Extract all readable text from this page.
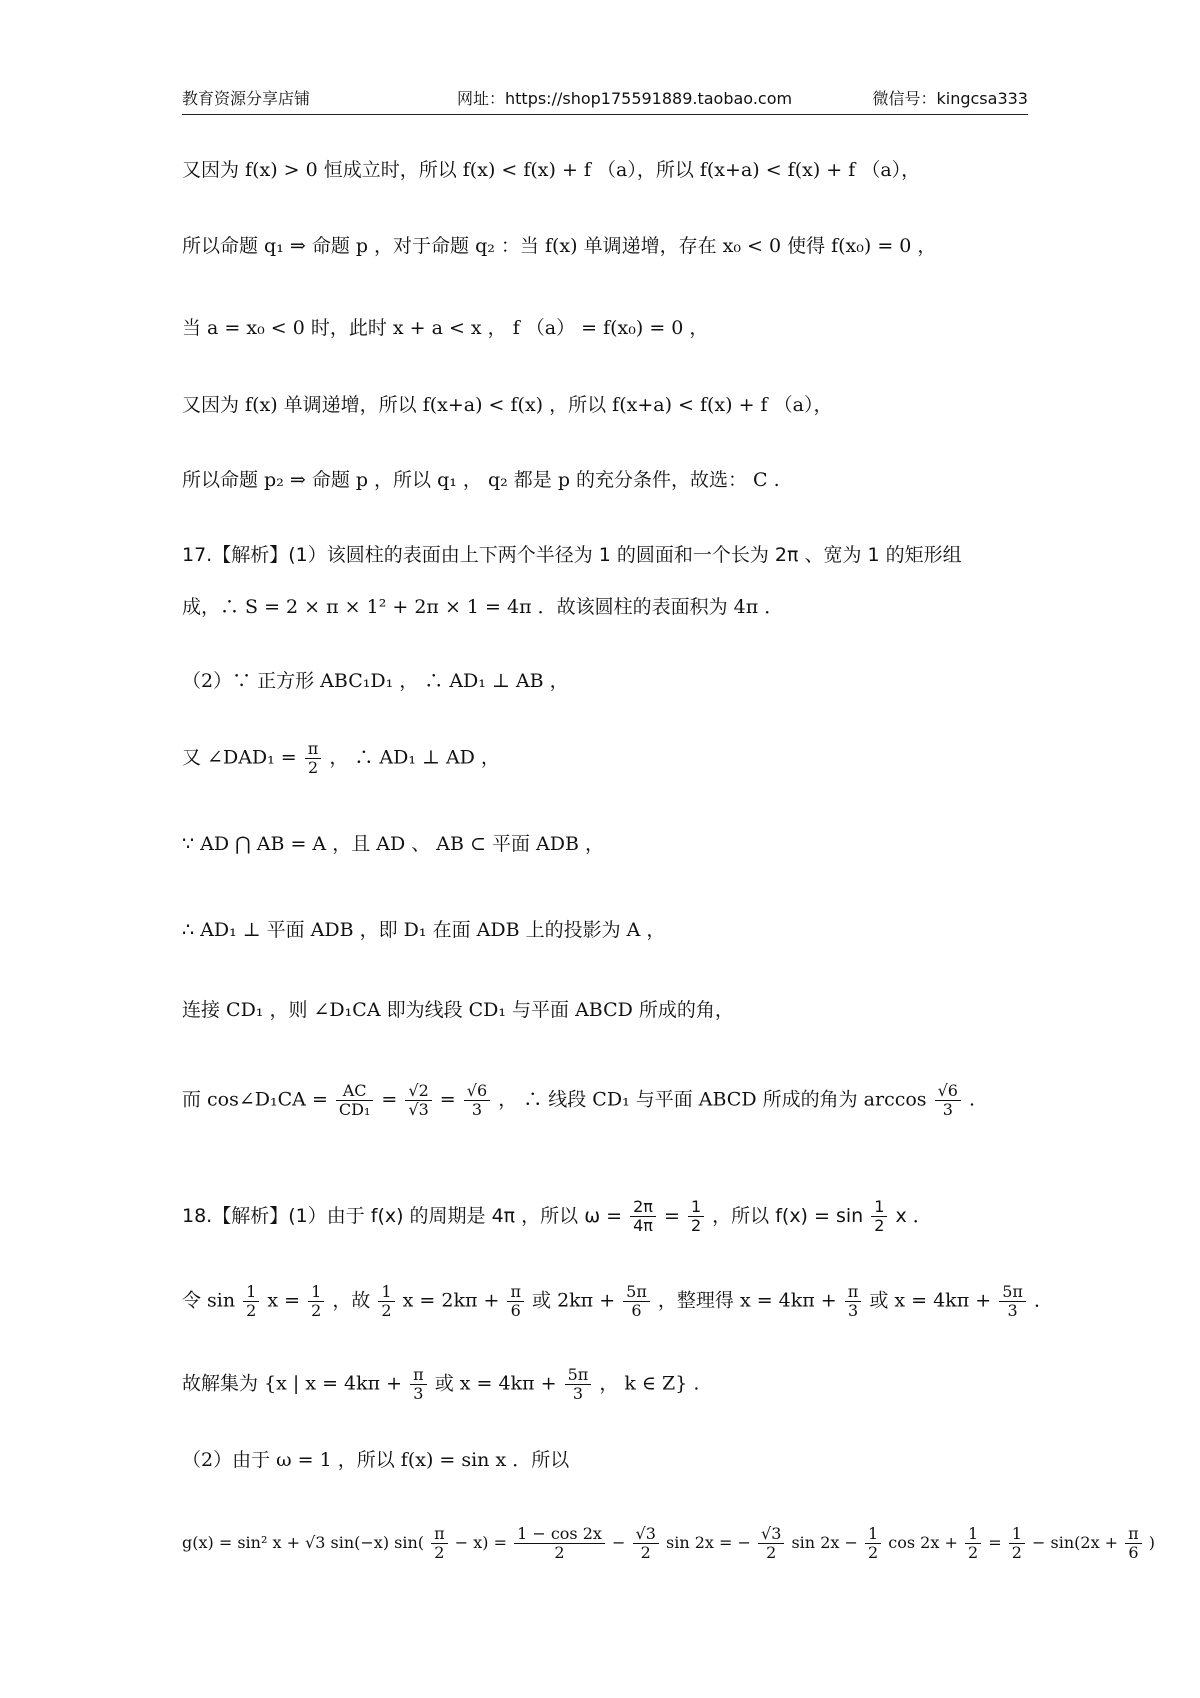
教育资源分享店铺	网址：https://shop175591889.taobao.com	微信号：kingcsa333
又因为 f(x) > 0 恒成立时，所以 f(x) < f(x) + f （a），所以 f(x+a) < f(x) + f （a），
所以命题 q₁ ⇒ 命题 p ，对于命题 q₂ ：当 f(x) 单调递增，存在 x₀ < 0 使得 f(x₀) = 0 ，
当 a = x₀ < 0 时，此时 x + a < x ， f （a） = f(x₀) = 0 ，
又因为 f(x) 单调递增，所以 f(x+a) < f(x) ，所以 f(x+a) < f(x) + f （a），
所以命题 p₂ ⇒ 命题 p ，所以 q₁ ， q₂ 都是 p 的充分条件，故选： C .
17.【解析】(1）该圆柱的表面由上下两个半径为 1 的圆面和一个长为 2π 、宽为 1 的矩形组
成，∴ S = 2 × π × 1² + 2π × 1 = 4π ．故该圆柱的表面积为 4π ．
（2）∵ 正方形 ABC₁D₁ ， ∴ AD₁ ⊥ AB ，
又 ∠DAD₁ = $\frac{\pi}{2}$ ， ∴ AD₁ ⊥ AD ，
∵ AD ⋂ AB = A ，且 AD 、 AB ⊂ 平面 ADB ，
∴ AD₁ ⊥ 平面 ADB ，即 D₁ 在面 ADB 上的投影为 A ，
连接 CD₁ ，则 ∠D₁CA 即为线段 CD₁ 与平面 ABCD 所成的角，
而 cos∠D₁CA = $\frac{AC}{\text{CD₁}} = \frac{√2}{√3} = \frac{√6}{3}$ ， ∴ 线段 CD₁ 与平面 ABCD 所成的角为 $\arccos \frac{√6}{3}$ .
18.【解析】(1）由于 f(x) 的周期是 4π ，所以 $\omega = \frac{2\pi}{4\pi} = \frac{1}{2}$ ，所以 $f(x) = \sin \frac{1}{2}$ x ．
令 $\sin \frac{1}{2}$ $x = \frac{1}{2}$ ，故 $\frac{1}{2}$ $x = 2k\pi + \frac{\pi}{6}$ 或 $2k\pi + \frac{5\pi}{6}$ ，整理得 $x = 4k\pi + \frac{\pi}{3}$ 或 $x = 4k\pi + \frac{5\pi}{3}$ ．
故解集为 {x | $x = 4k\pi + \frac{\pi}{3}$ 或 $x = 4k\pi + \frac{5\pi}{3}$ ， k ∈ Z} .
（2）由于 ω = 1 ，所以 f(x) = sin x ．所以
g(x) = sin² x + √3 sin(−x) $\sin( \frac{\pi}{2} - x) = \frac{1 - \cos 2x}{2} - \frac{√3}{2}$ sin 2x = − $\frac{√3}{2}$ $\sin 2x - \frac{1}{2}$ $\cos 2x + \frac{1}{2} = \frac{1}{2} - \sin(2x + \frac{\pi}{6}$ )
